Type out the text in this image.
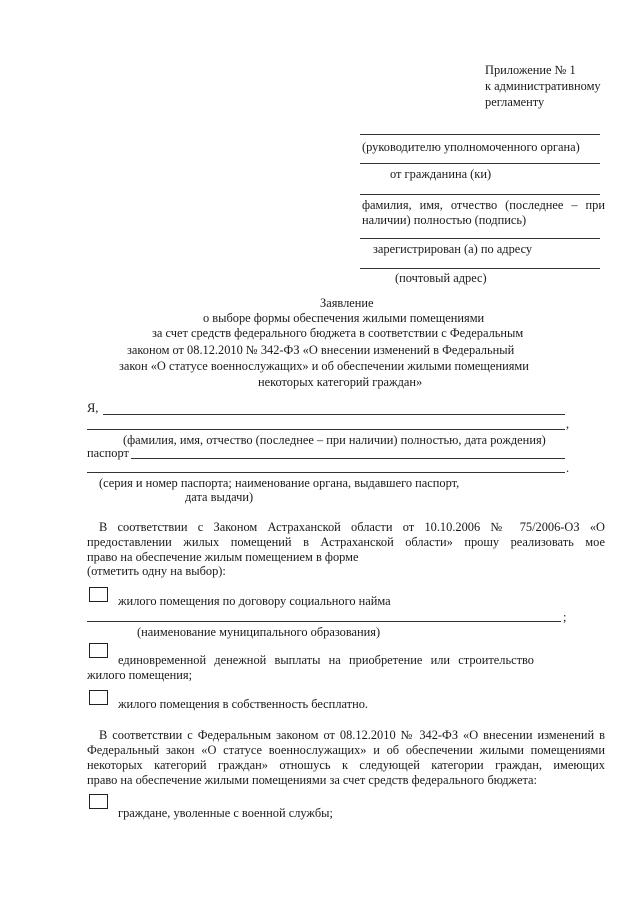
Приложение № 1
к административному
регламенту
(руководителю уполномоченного органа)
от гражданина (ки)
фамилия, имя, отчество (последнее – при
наличии) полностью (подпись)
зарегистрирован (а) по адресу
(почтовый адрес)
Заявление
о выборе формы обеспечения жилыми помещениями
за счет средств федерального бюджета в соответствии с Федеральным
законом от 08.12.2010 № 342-ФЗ «О внесении изменений в Федеральный
закон «О статусе военнослужащих» и об обеспечении жилыми помещениями
некоторых категорий граждан»
Я,
,
(фамилия, имя, отчество (последнее – при наличии) полностью, дата рождения)
паспорт
.
(серия и номер паспорта; наименование органа, выдавшего паспорт,
дата выдачи)
В соответствии с Законом Астраханской области от 10.10.2006 № 75/2006-ОЗ «О
предоставлении жилых помещений в Астраханской области» прошу реализовать мое
право на обеспечение жилым помещением в форме
(отметить одну на выбор):
жилого помещения по договору социального найма
;
(наименование муниципального образования)
единовременной денежной выплаты на приобретение или строительство
жилого помещения;
жилого помещения в собственность бесплатно.
В соответствии с Федеральным законом от 08.12.2010 № 342-ФЗ «О внесении изменений в
Федеральный закон «О статусе военнослужащих» и об обеспечении жилыми помещениями
некоторых категорий граждан» отношусь к следующей категории граждан, имеющих
право на обеспечение жилыми помещениями за счет средств федерального бюджета:
граждане, уволенные с военной службы;
